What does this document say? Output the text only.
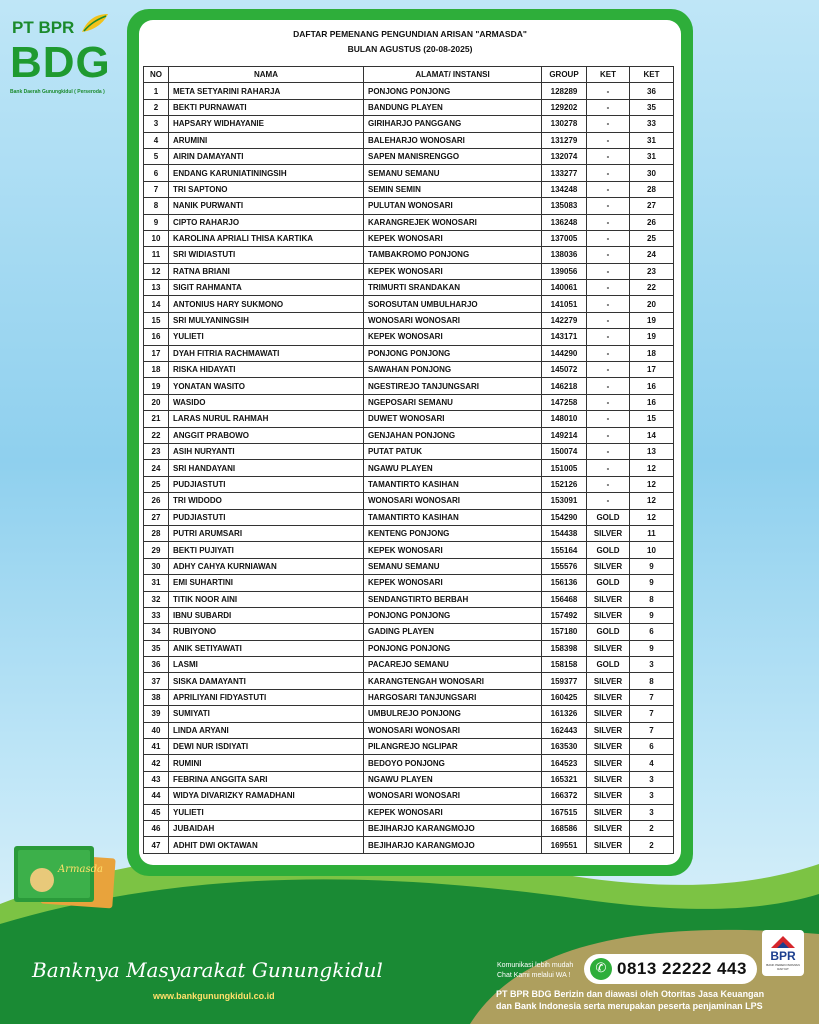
PT BPR
BDG
Bank Daerah Gunungkidul ( Perseroda )
DAFTAR PEMENANG PENGUNDIAN ARISAN "ARMASDA"
BULAN AGUSTUS (20-08-2025)
NO	NAMA	ALAMAT/ INSTANSI	GROUP	KET	KET
1	META SETYARINI RAHARJA	PONJONG PONJONG	128289	-	36
2	BEKTI PURNAWATI	BANDUNG PLAYEN	129202	-	35
3	HAPSARY WIDHAYANIE	GIRIHARJO PANGGANG	130278	-	33
4	ARUMINI	BALEHARJO WONOSARI	131279	-	31
5	AIRIN DAMAYANTI	SAPEN MANISRENGGO	132074	-	31
6	ENDANG KARUNIATININGSIH	SEMANU SEMANU	133277	-	30
7	TRI SAPTONO	SEMIN SEMIN	134248	-	28
8	NANIK PURWANTI	PULUTAN WONOSARI	135083	-	27
9	CIPTO RAHARJO	KARANGREJEK WONOSARI	136248	-	26
10	KAROLINA APRIALI THISA KARTIKA	KEPEK WONOSARI	137005	-	25
11	SRI WIDIASTUTI	TAMBAKROMO PONJONG	138036	-	24
12	RATNA BRIANI	KEPEK WONOSARI	139056	-	23
13	SIGIT RAHMANTA	TRIMURTI SRANDAKAN	140061	-	22
14	ANTONIUS HARY SUKMONO	SOROSUTAN UMBULHARJO	141051	-	20
15	SRI MULYANINGSIH	WONOSARI WONOSARI	142279	-	19
16	YULIETI	KEPEK WONOSARI	143171	-	19
17	DYAH FITRIA RACHMAWATI	PONJONG PONJONG	144290	-	18
18	RISKA HIDAYATI	SAWAHAN PONJONG	145072	-	17
19	YONATAN WASITO	NGESTIREJO TANJUNGSARI	146218	-	16
20	WASIDO	NGEPOSARI SEMANU	147258	-	16
21	LARAS NURUL RAHMAH	DUWET WONOSARI	148010	-	15
22	ANGGIT PRABOWO	GENJAHAN PONJONG	149214	-	14
23	ASIH NURYANTI	PUTAT PATUK	150074	-	13
24	SRI HANDAYANI	NGAWU PLAYEN	151005	-	12
25	PUDJIASTUTI	TAMANTIRTO KASIHAN	152126	-	12
26	TRI WIDODO	WONOSARI WONOSARI	153091	-	12
27	PUDJIASTUTI	TAMANTIRTO KASIHAN	154290	GOLD	12
28	PUTRI ARUMSARI	KENTENG PONJONG	154438	SILVER	11
29	BEKTI PUJIYATI	KEPEK WONOSARI	155164	GOLD	10
30	ADHY CAHYA KURNIAWAN	SEMANU SEMANU	155576	SILVER	9
31	EMI SUHARTINI	KEPEK WONOSARI	156136	GOLD	9
32	TITIK NOOR AINI	SENDANGTIRTO BERBAH	156468	SILVER	8
33	IBNU SUBARDI	PONJONG PONJONG	157492	SILVER	9
34	RUBIYONO	GADING PLAYEN	157180	GOLD	6
35	ANIK SETIYAWATI	PONJONG PONJONG	158398	SILVER	9
36	LASMI	PACAREJO SEMANU	158158	GOLD	3
37	SISKA DAMAYANTI	KARANGTENGAH WONOSARI	159377	SILVER	8
38	APRILIYANI FIDYASTUTI	HARGOSARI TANJUNGSARI	160425	SILVER	7
39	SUMIYATI	UMBULREJO PONJONG	161326	SILVER	7
40	LINDA ARYANI	WONOSARI WONOSARI	162443	SILVER	7
41	DEWI NUR ISDIYATI	PILANGREJO NGLIPAR	163530	SILVER	6
42	RUMINI	BEDOYO PONJONG	164523	SILVER	4
43	FEBRINA ANGGITA SARI	NGAWU PLAYEN	165321	SILVER	3
44	WIDYA DIVARIZKY RAMADHANI	WONOSARI WONOSARI	166372	SILVER	3
45	YULIETI	KEPEK WONOSARI	167515	SILVER	3
46	JUBAIDAH	BEJIHARJO KARANGMOJO	168586	SILVER	2
47	ADHIT DWI OKTAWAN	BEJIHARJO KARANGMOJO	169551	SILVER	2
Armasda
Banknya Masyarakat Gunungkidul
www.bankgunungkidul.co.id
Komunikasi lebih mudah
Chat Kami melalui WA !	✆ 0813 22222 443
BPR
BANK PEREKONOMIAN RAKYAT
PT BPR BDG Berizin dan diawasi oleh Otoritas Jasa Keuangan
dan Bank Indonesia serta merupakan peserta penjaminan LPS
